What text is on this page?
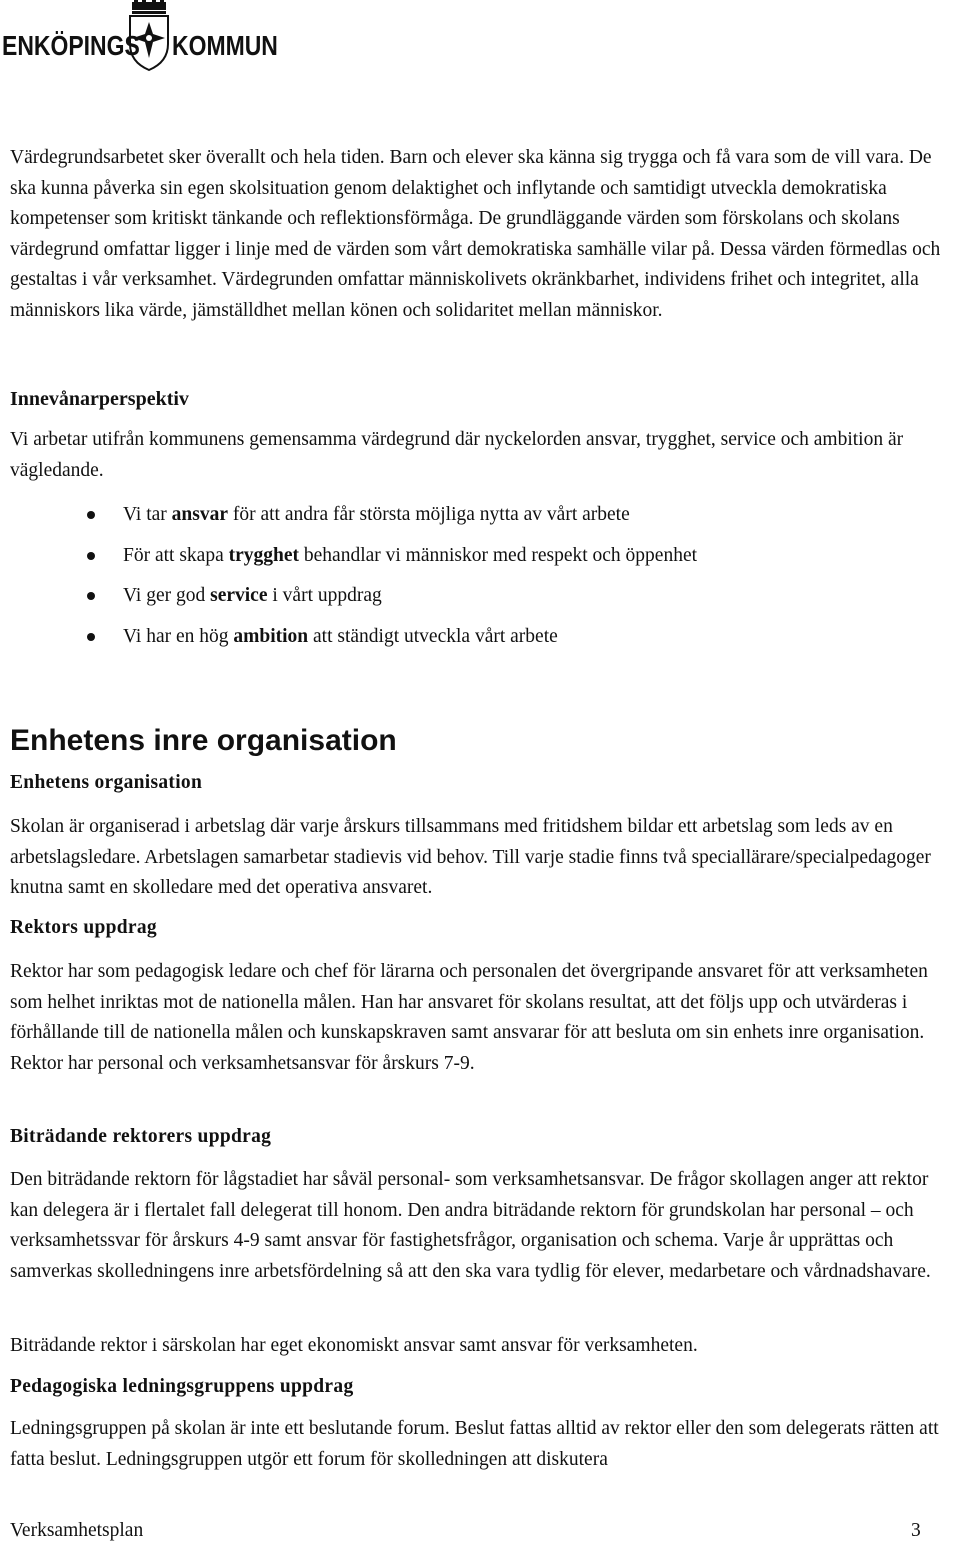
ENKÖPINGS KOMMUN

Värdegrundsarbetet sker överallt och hela tiden. Barn och elever ska känna sig trygga och få vara som de vill vara. De ska kunna påverka sin egen skolsituation genom delaktighet och inflytande och samtidigt utveckla demokratiska kompetenser som kritiskt tänkande och reflektionsförmåga. De grundläggande värden som förskolans och skolans värdegrund omfattar ligger i linje med de värden som vårt demokratiska samhälle vilar på. Dessa värden förmedlas och gestaltas i vår verksamhet. Värdegrunden omfattar människolivets okränkbarhet, individens frihet och integritet, alla människors lika värde, jämställdhet mellan könen och solidaritet mellan människor.

Innevånarperspektiv

Vi arbetar utifrån kommunens gemensamma värdegrund där nyckelorden ansvar, trygghet, service och ambition är vägledande.

Vi tar ansvar för att andra får största möjliga nytta av vårt arbete
För att skapa trygghet behandlar vi människor med respekt och öppenhet
Vi ger god service i vårt uppdrag
Vi har en hög ambition att ständigt utveckla vårt arbete
Enhetens inre organisation
Enhetens organisation

Skolan är organiserad i arbetslag där varje årskurs tillsammans med fritidshem bildar ett arbetslag som leds av en arbetslagsledare. Arbetslagen samarbetar stadievis vid behov. Till varje stadie finns två speciallärare/specialpedagoger knutna samt en skolledare med det operativa ansvaret.

Rektors uppdrag

Rektor har som pedagogisk ledare och chef för lärarna och personalen det övergripande ansvaret för att verksamheten som helhet inriktas mot de nationella målen. Han har ansvaret för skolans resultat, att det följs upp och utvärderas i förhållande till de nationella målen och kunskapskraven samt ansvarar för att besluta om sin enhets inre organisation. Rektor har personal och verksamhetsansvar för årskurs 7-9.

Biträdande rektorers uppdrag

Den biträdande rektorn för lågstadiet har såväl personal- som verksamhetsansvar. De frågor skollagen anger att rektor kan delegera är i flertalet fall delegerat till honom. Den andra biträdande rektorn för grundskolan har personal – och verksamhetssvar för årskurs 4-9 samt ansvar för fastighetsfrågor, organisation och schema. Varje år upprättas och samverkas skolledningens inre arbetsfördelning så att den ska vara tydlig för elever, medarbetare och vårdnadshavare.

Biträdande rektor i särskolan har eget ekonomiskt ansvar samt ansvar för verksamheten.

Pedagogiska ledningsgruppens uppdrag

Ledningsgruppen på skolan är inte ett beslutande forum. Beslut fattas alltid av rektor eller den som delegerats rätten att fatta beslut. Ledningsgruppen utgör ett forum för skolledningen att diskutera

Verksamhetsplan	3
